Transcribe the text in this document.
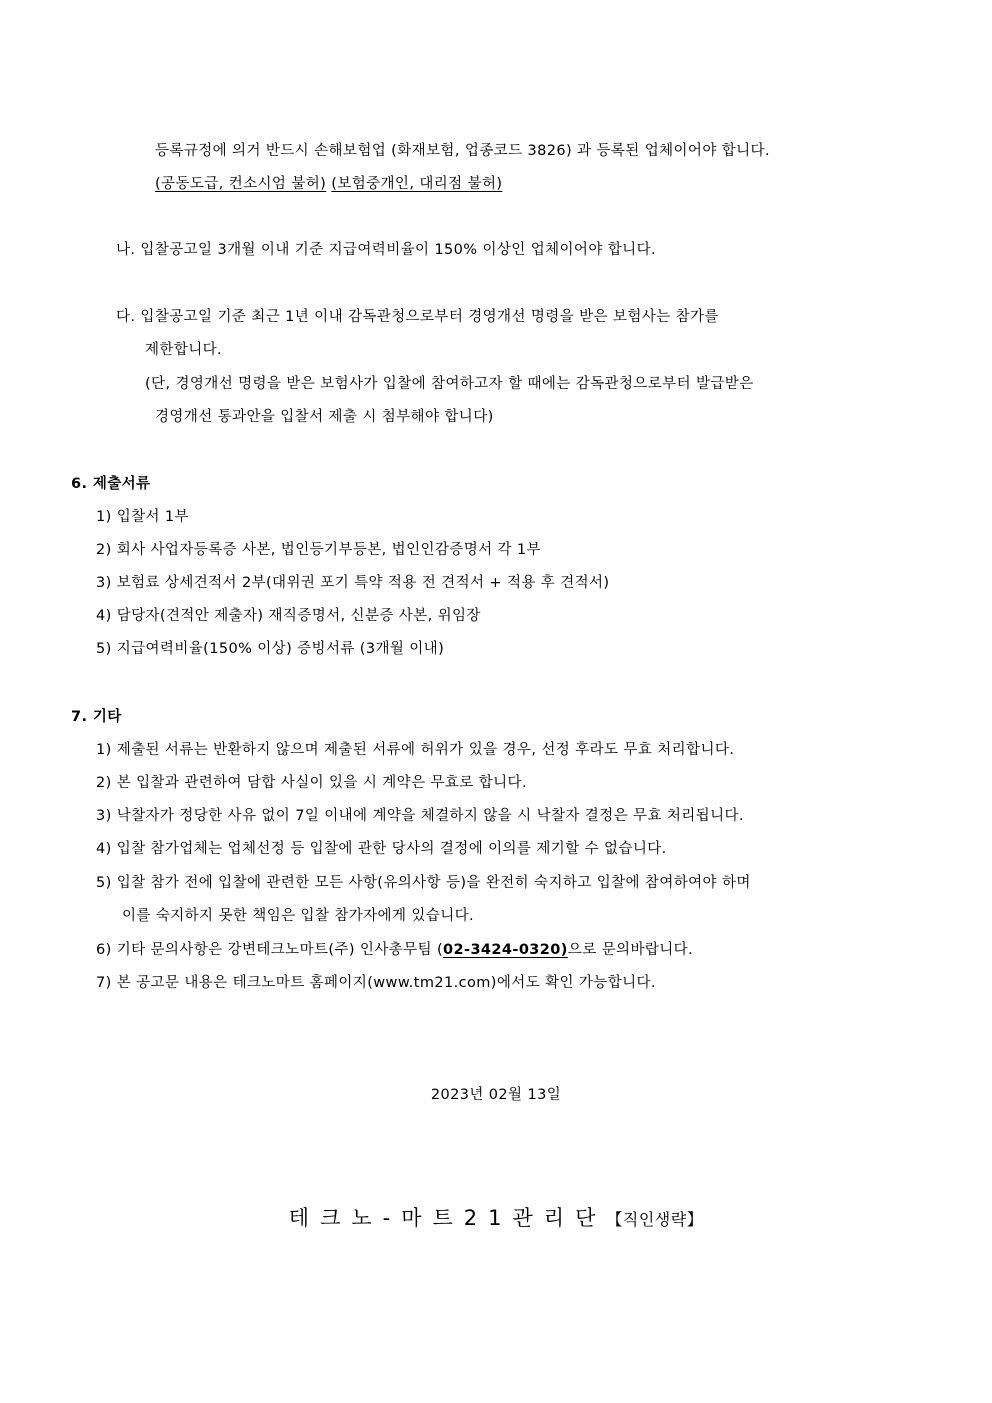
등록규정에 의거 반드시 손해보험업 (화재보험, 업종코드 3826) 과 등록된 업체이어야 합니다.
(공동도급, 컨소시엄 불허) (보험중개인, 대리점 불허)
나. 입찰공고일 3개월 이내 기준 지급여력비율이 150% 이상인 업체이어야 합니다.
다. 입찰공고일 기준 최근 1년 이내 감독관청으로부터 경영개선 명령을 받은 보험사는 참가를
제한합니다.
(단, 경영개선 명령을 받은 보험사가 입찰에 참여하고자 할 때에는 감독관청으로부터 발급받은
경영개선 통과안을 입찰서 제출 시 첨부해야 합니다)
6. 제출서류
1) 입찰서 1부
2) 회사 사업자등록증 사본, 법인등기부등본, 법인인감증명서 각 1부
3) 보험료 상세견적서 2부(대위권 포기 특약 적용 전 견적서 + 적용 후 견적서)
4) 담당자(견적안 제출자) 재직증명서, 신분증 사본, 위임장
5) 지급여력비율(150% 이상) 증빙서류 (3개월 이내)
7. 기타
1) 제출된 서류는 반환하지 않으며 제출된 서류에 허위가 있을 경우, 선정 후라도 무효 처리합니다.
2) 본 입찰과 관련하여 담합 사실이 있을 시 계약은 무효로 합니다.
3) 낙찰자가 정당한 사유 없이 7일 이내에 계약을 체결하지 않을 시 낙찰자 결정은 무효 처리됩니다.
4) 입찰 참가업체는 업체선정 등 입찰에 관한 당사의 결정에 이의를 제기할 수 없습니다.
5) 입찰 참가 전에 입찰에 관련한 모든 사항(유의사항 등)을 완전히 숙지하고 입찰에 참여하여야 하며
이를 숙지하지 못한 책임은 입찰 참가자에게 있습니다.
6) 기타 문의사항은 강변테크노마트(주) 인사총무팀 (02-3424-0320)으로 문의바랍니다.
7) 본 공고문 내용은 테크노마트 홈페이지(www.tm21.com)에서도 확인 가능합니다.
2023년 02월 13일
테크노-마트21관리단【직인생략】
